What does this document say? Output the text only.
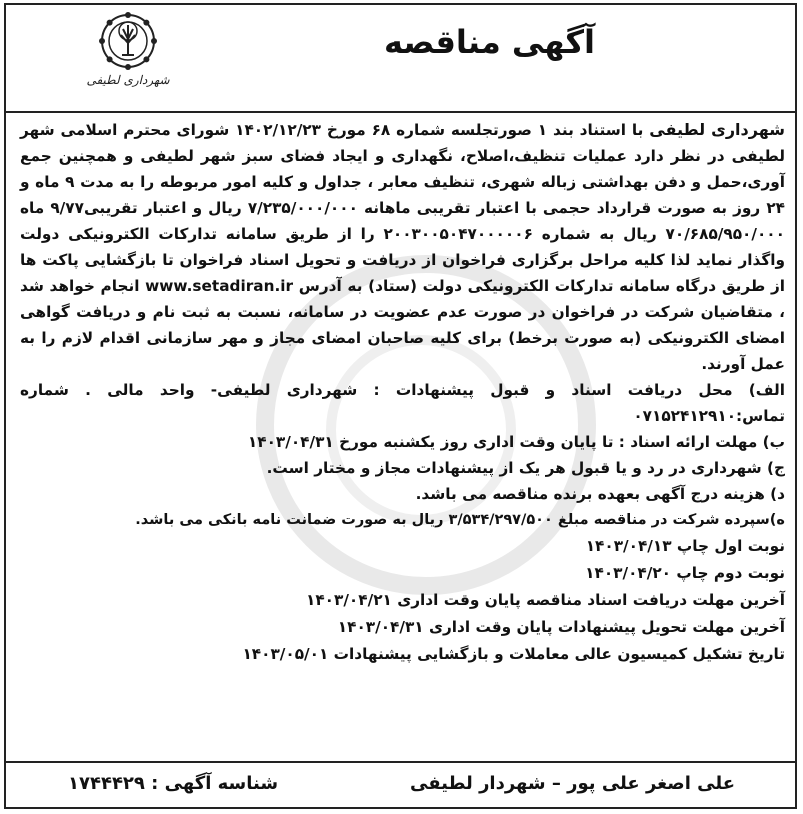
شهرداری لطیفی
آگهی مناقصه

شهرداری لطیفی با استناد بند ۱ صورتجلسه شماره ۶۸ مورخ ۱۴۰۲/۱۲/۲۳ شورای محترم اسلامی شهر لطیفی در نظر دارد عملیات تنظیف،اصلاح، نگهداری و ایجاد فضای سبز شهر لطیفی و همچنین جمع آوری،حمل و دفن بهداشتی زباله شهری، تنظیف معابر ، جداول و کلیه امور مربوطه را به مدت ۹ ماه و ۲۴ روز به صورت قرارداد حجمی با اعتبار تقریبی ماهانه ۷/۲۳۵/۰۰۰/۰۰۰ ریال و اعتبار تقریبی۹/۷۷ ماه ۷۰/۶۸۵/۹۵۰/۰۰۰ ریال به شماره ۲۰۰۳۰۰۵۰۴۷۰۰۰۰۰۶ را از طریق سامانه تدارکات الکترونیکی دولت واگذار نماید لذا کلیه مراحل برگزاری فراخوان از دریافت و تحویل اسناد فراخوان تا بازگشایی پاکت ها از طریق درگاه سامانه تدارکات الکترونیکی دولت (ستاد) به آدرس www.setadiran.ir انجام خواهد شد ، متقاضیان شرکت در فراخوان در صورت عدم عضویت در سامانه، نسبت به ثبت نام و دریافت گواهی امضای الکترونیکی (به صورت برخط) برای کلیه صاحبان امضای مجاز و مهر سازمانی اقدام لازم را به عمل آورند.

الف) محل دریافت اسناد و قبول پیشنهادات : شهرداری لطیفی- واحد مالی . شماره تماس:۰۷۱۵۲۴۱۲۹۱۰
ب) مهلت ارائه اسناد : تا پایان وقت اداری روز یکشنبه مورخ ۱۴۰۳/۰۴/۳۱
ج) شهرداری در رد و یا قبول هر یک از پیشنهادات مجاز و مختار است.
د) هزینه درج آگهی بعهده برنده مناقصه می باشد.
ه)سپرده شرکت در مناقصه مبلغ ۳/۵۳۴/۲۹۷/۵۰۰ ریال به صورت ضمانت نامه بانکی می باشد.
نوبت اول چاپ ۱۴۰۳/۰۴/۱۳
نوبت دوم چاپ ۱۴۰۳/۰۴/۲۰
آخرین مهلت دریافت اسناد مناقصه پایان وقت اداری ۱۴۰۳/۰۴/۲۱
آخرین مهلت تحویل پیشنهادات پایان وقت اداری ۱۴۰۳/۰۴/۳۱
تاریخ تشکیل کمیسیون عالی معاملات و بازگشایی پیشنهادات ۱۴۰۳/۰۵/۰۱
علی اصغر علی پور – شهردار لطیفی
شناسه آگهی : ۱۷۴۴۴۲۹
